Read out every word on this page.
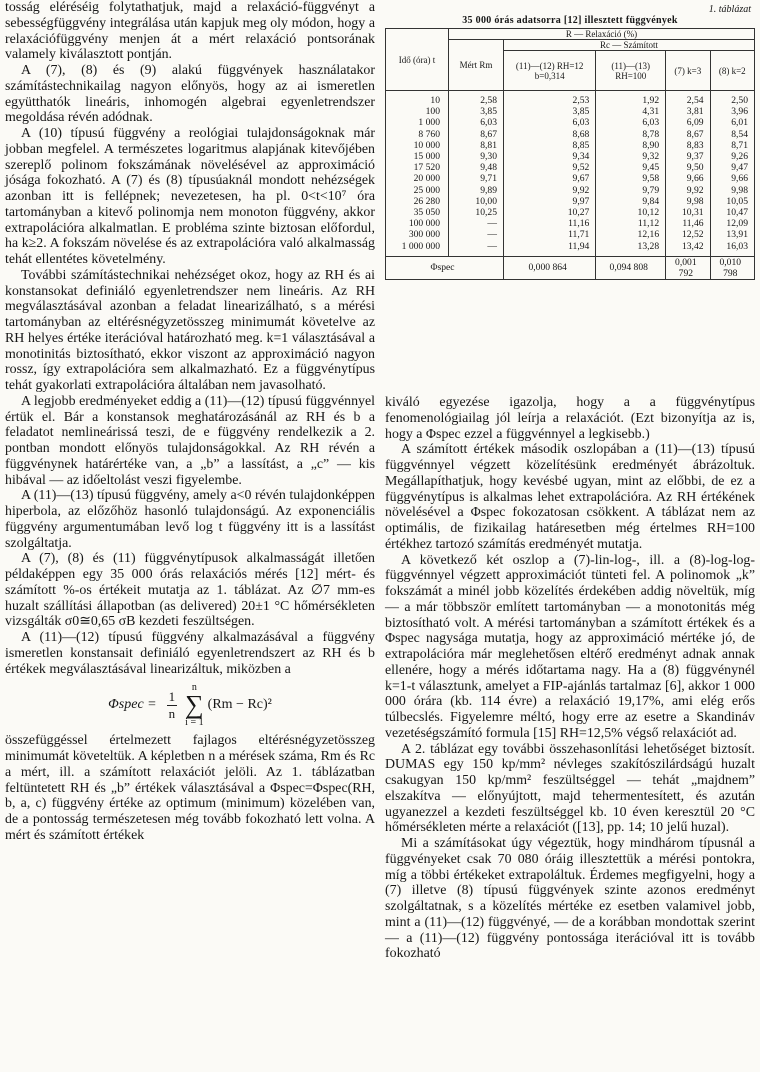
tosság eléréséig folytathatjuk, majd a relaxáció-függvényt a sebességfüggvény integrálása után kapjuk meg oly módon, hogy a relaxációfüggvény menjen át a mért relaxáció pontsorának valamely kiválasztott pontján.

A (7), (8) és (9) alakú függvények használatakor számítástechnikailag nagyon előnyös, hogy az ai ismeretlen együtthatók lineáris, inhomogén algebrai egyenletrendszer megoldása révén adódnak.

A (10) típusú függvény a reológiai tulajdonságoknak már jobban megfelel. A természetes logaritmus alapjának kitevőjében szereplő polinom fokszámának növelésével az approximáció jósága fokozható. A (7) és (8) típusúaknál mondott nehézségek azonban itt is fellépnek; nevezetesen, ha pl. 0<t<10⁷ óra tartományban a kitevő polinomja nem monoton függvény, akkor extrapolációra alkalmatlan. E probléma szinte biztosan előfordul, ha k≥2. A fokszám növelése és az extrapolációra való alkalmasság tehát ellentétes követelmény.

További számítástechnikai nehézséget okoz, hogy az RH és ai konstansokat definiáló egyenletrendszer nem lineáris. Az RH megválasztásával azonban a feladat linearizálható, s a mérési tartományban az eltérésnégyzetösszeg minimumát követelve az RH helyes értéke iterációval határozható meg. k=1 választásával a monotinitás biztosítható, ekkor viszont az approximáció nagyon rossz, így extrapolációra sem alkalmazható. Ez a függvénytípus tehát gyakorlati extrapolációra általában nem javasolható.

A legjobb eredményeket eddig a (11)—(12) típusú függvénnyel értük el. Bár a konstansok meghatározásánál az RH és b a feladatot nemlineárissá teszi, de e függvény rendelkezik a 2. pontban mondott előnyös tulajdonságokkal. Az RH révén a függvénynek határértéke van, a „b” a lassítást, a „c” — kis hibával — az időeltolást veszi figyelembe.

A (11)—(13) típusú függvény, amely a<0 révén tulajdonképpen hiperbola, az előzőhöz hasonló tulajdonságú. Az exponenciális függvény argumentumában levő log t függvény itt is a lassítást szolgáltatja.

A (7), (8) és (11) függvénytípusok alkalmasságát illetően példaképpen egy 35 000 órás relaxációs mérés [12] mért- és számított %-os értékeit mutatja az 1. táblázat. Az ∅7 mm-es huzalt szállítási állapotban (as delivered) 20±1 °C hőmérsékleten vizsgálták σ0≅0,65 σB kezdeti feszültségen.

A (11)—(12) típusú függvény alkalmazásával a függvény ismeretlen konstansait definiáló egyenletrendszert az RH és b értékek megválasztásával linearizáltuk, miközben a

Φspec = $\frac{1}{n}$
n
∑
i = 1
(Rm − Rc)²

összefüggéssel értelmezett fajlagos eltérésnégyzetösszeg minimumát követeltük. A képletben n a mérések száma, Rm és Rc a mért, ill. a számított relaxációt jelöli. Az 1. táblázatban feltüntetett RH és „b” értékek választásával a Φspec=Φspec(RH, b, a, c) függvény értéke az optimum (minimum) közelében van, de a pontosság természetesen még tovább fokozható lett volna. A mért és számított értékek

1. táblázat
35 000 órás adatsorra [12] illesztett függvények
Idő (óra) t	R — Relaxáció (%)				
	Mért Rm	Rc — Számított			
		(11)—(12) RH=12 b=0,314	(11)—(13) RH=100	(7) k=3	(8) k=2
10	2,58	2,53	1,92	2,54	2,50
100	3,85	3,85	4,31	3,81	3,96
1 000	6,03	6,03	6,03	6,09	6,01
8 760	8,67	8,68	8,78	8,67	8,54
10 000	8,81	8,85	8,90	8,83	8,71
15 000	9,30	9,34	9,32	9,37	9,26
17 520	9,48	9,52	9,45	9,50	9,47
20 000	9,71	9,67	9,58	9,66	9,66
25 000	9,89	9,92	9,79	9,92	9,98
26 280	10,00	9,97	9,84	9,98	10,05
35 050	10,25	10,27	10,12	10,31	10,47
100 000	—	11,16	11,12	11,46	12,09
300 000	—	11,71	12,16	12,52	13,91
1 000 000	—	11,94	13,28	13,42	16,03
Φspec		0,000 864	0,094 808	0,001 792	0,010 798

kiváló egyezése igazolja, hogy a a függvénytípus fenomenológiailag jól leírja a relaxációt. (Ezt bizonyítja az is, hogy a Φspec ezzel a függvénnyel a legkisebb.)

A számított értékek második oszlopában a (11)—(13) típusú függvénnyel végzett közelítésünk eredményét ábrázoltuk. Megállapíthatjuk, hogy kevésbé ugyan, mint az előbbi, de ez a függvénytípus is alkalmas lehet extrapolációra. Az RH értékének növelésével a Φspec fokozatosan csökkent. A táblázat nem az optimális, de fizikailag határesetben még értelmes RH=100 értékhez tartozó számítás eredményét mutatja.

A következő két oszlop a (7)-lin-log-, ill. a (8)-log-log-függvénnyel végzett approximációt tünteti fel. A polinomok „k” fokszámát a minél jobb közelítés érdekében addig növeltük, míg — a már többször említett tartományban — a monotonitás még biztosítható volt. A mérési tartományban a számított értékek és a Φspec nagysága mutatja, hogy az approximáció mértéke jó, de extrapolációra már meglehetősen eltérő eredményt adnak annak ellenére, hogy a mérés időtartama nagy. Ha a (8) függvénynél k=1-t választunk, amelyet a FIP-ajánlás tartalmaz [6], akkor 1 000 000 órára (kb. 114 évre) a relaxáció 19,17%, ami elég erős túlbecslés. Figyelemre méltó, hogy erre az esetre a Skandináv vezetéségszámító formula [15] RH=12,5% végső relaxációt ad.

A 2. táblázat egy további összehasonlítási lehetőséget biztosít. DUMAS egy 150 kp/mm² névleges szakítószilárdságú huzalt csakugyan 150 kp/mm² feszültséggel — tehát „majdnem” elszakítva — előnyújtott, majd tehermentesített, és azután ugyanezzel a kezdeti feszültséggel kb. 10 éven keresztül 20 °C hőmérsékleten mérte a relaxációt ([13], pp. 14; 10 jelű huzal).

Mi a számításokat úgy végeztük, hogy mindhárom típusnál a függvényeket csak 70 080 óráig illesztettük a mérési pontokra, míg a többi értékeket extrapoláltuk. Érdemes megfigyelni, hogy a (7) illetve (8) típusú függvények szinte azonos eredményt szolgáltatnak, s a közelítés mértéke ez esetben valamivel jobb, mint a (11)—(12) függvényé, — de a korábban mondottak szerint — a (11)—(12) függvény pontossága iterációval itt is tovább fokozható
